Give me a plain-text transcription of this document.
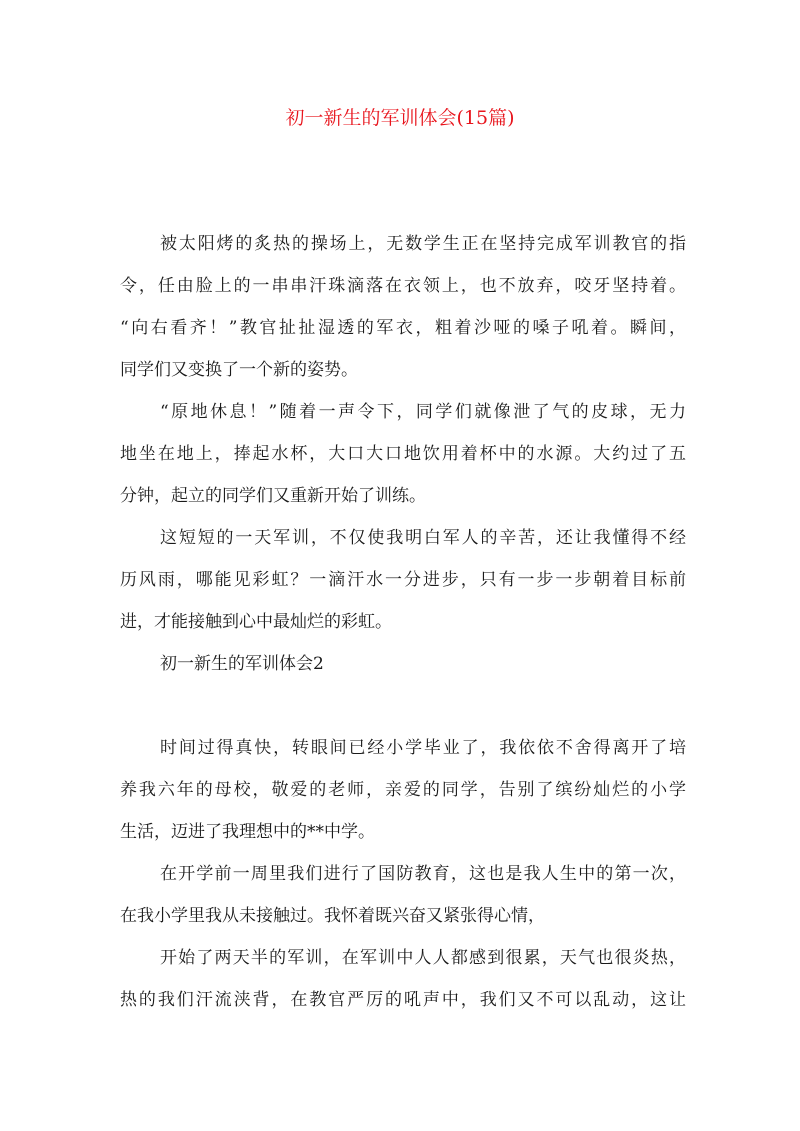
初一新生的军训体会(15篇)
被太阳烤的炙热的操场上，无数学生正在坚持完成军训教官的指
令，任由脸上的一串串汗珠滴落在衣领上，也不放弃，咬牙坚持着。
“向右看齐！”教官扯扯湿透的军衣，粗着沙哑的嗓子吼着。瞬间，
同学们又变换了一个新的姿势。
“原地休息！”随着一声令下，同学们就像泄了气的皮球，无力
地坐在地上，捧起水杯，大口大口地饮用着杯中的水源。大约过了五
分钟，起立的同学们又重新开始了训练。
这短短的一天军训，不仅使我明白军人的辛苦，还让我懂得不经
历风雨，哪能见彩虹？一滴汗水一分进步，只有一步一步朝着目标前
进，才能接触到心中最灿烂的彩虹。
初一新生的军训体会2
时间过得真快，转眼间已经小学毕业了，我依依不舍得离开了培
养我六年的母校，敬爱的老师，亲爱的同学，告别了缤纷灿烂的小学
生活，迈进了我理想中的**中学。
在开学前一周里我们进行了国防教育，这也是我人生中的第一次，
在我小学里我从未接触过。我怀着既兴奋又紧张得心情，
开始了两天半的军训，在军训中人人都感到很累，天气也很炎热，
热的我们汗流浃背，在教官严厉的吼声中，我们又不可以乱动，这让
